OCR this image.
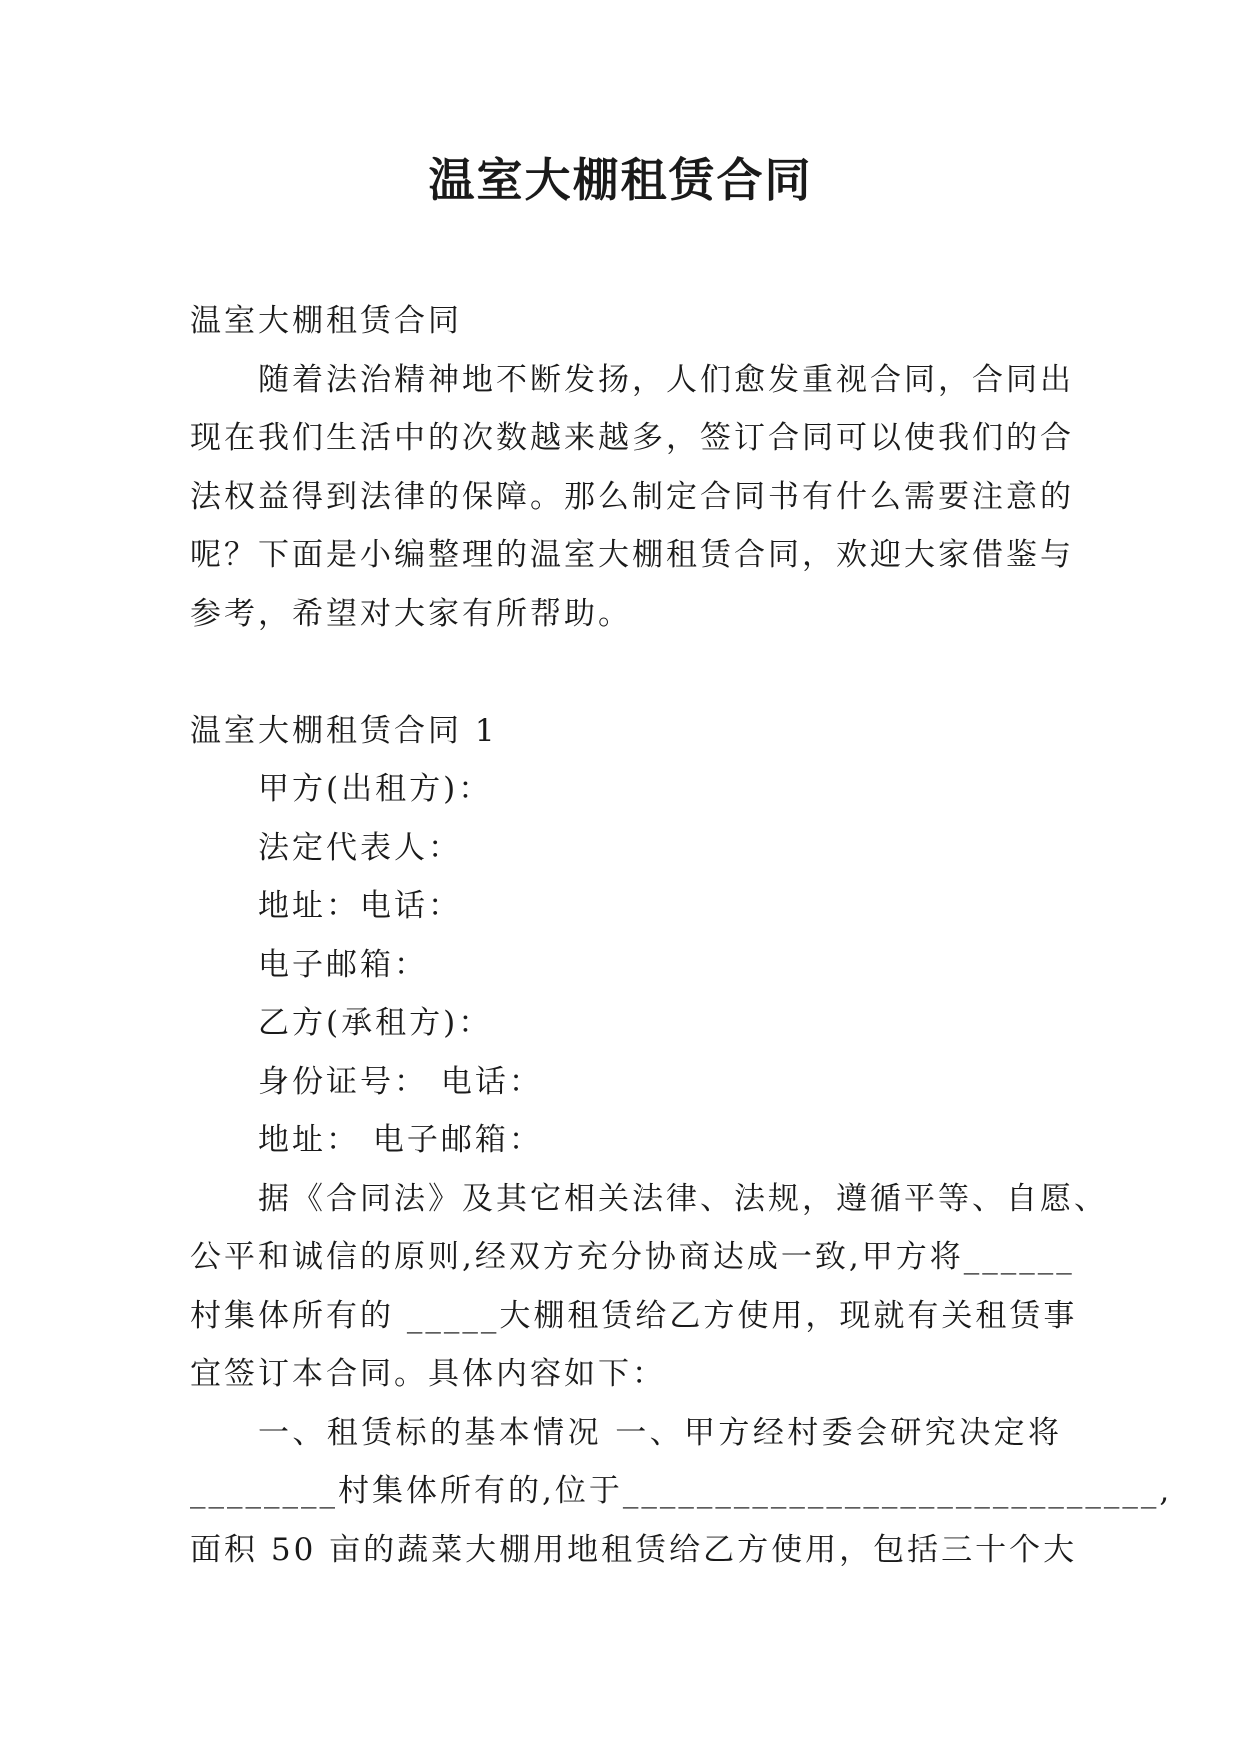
温室大棚租赁合同

温室大棚租赁合同

随着法治精神地不断发扬，人们愈发重视合同，合同出

现在我们生活中的次数越来越多，签订合同可以使我们的合

法权益得到法律的保障。那么制定合同书有什么需要注意的

呢？下面是小编整理的温室大棚租赁合同，欢迎大家借鉴与

参考，希望对大家有所帮助。

温室大棚租赁合同 1

甲方(出租方)：

法定代表人：

地址：电话：

电子邮箱：

乙方(承租方)：

身份证号： 电话：

地址： 电子邮箱：

据《合同法》及其它相关法律、法规，遵循平等、自愿、

公平和诚信的原则,经双方充分协商达成一致,甲方将______

村集体所有的 _____大棚租赁给乙方使用，现就有关租赁事

宜签订本合同。具体内容如下：

一、租赁标的基本情况 一、甲方经村委会研究决定将

________村集体所有的,位于_____________________________,

面积 50 亩的蔬菜大棚用地租赁给乙方使用，包括三十个大
